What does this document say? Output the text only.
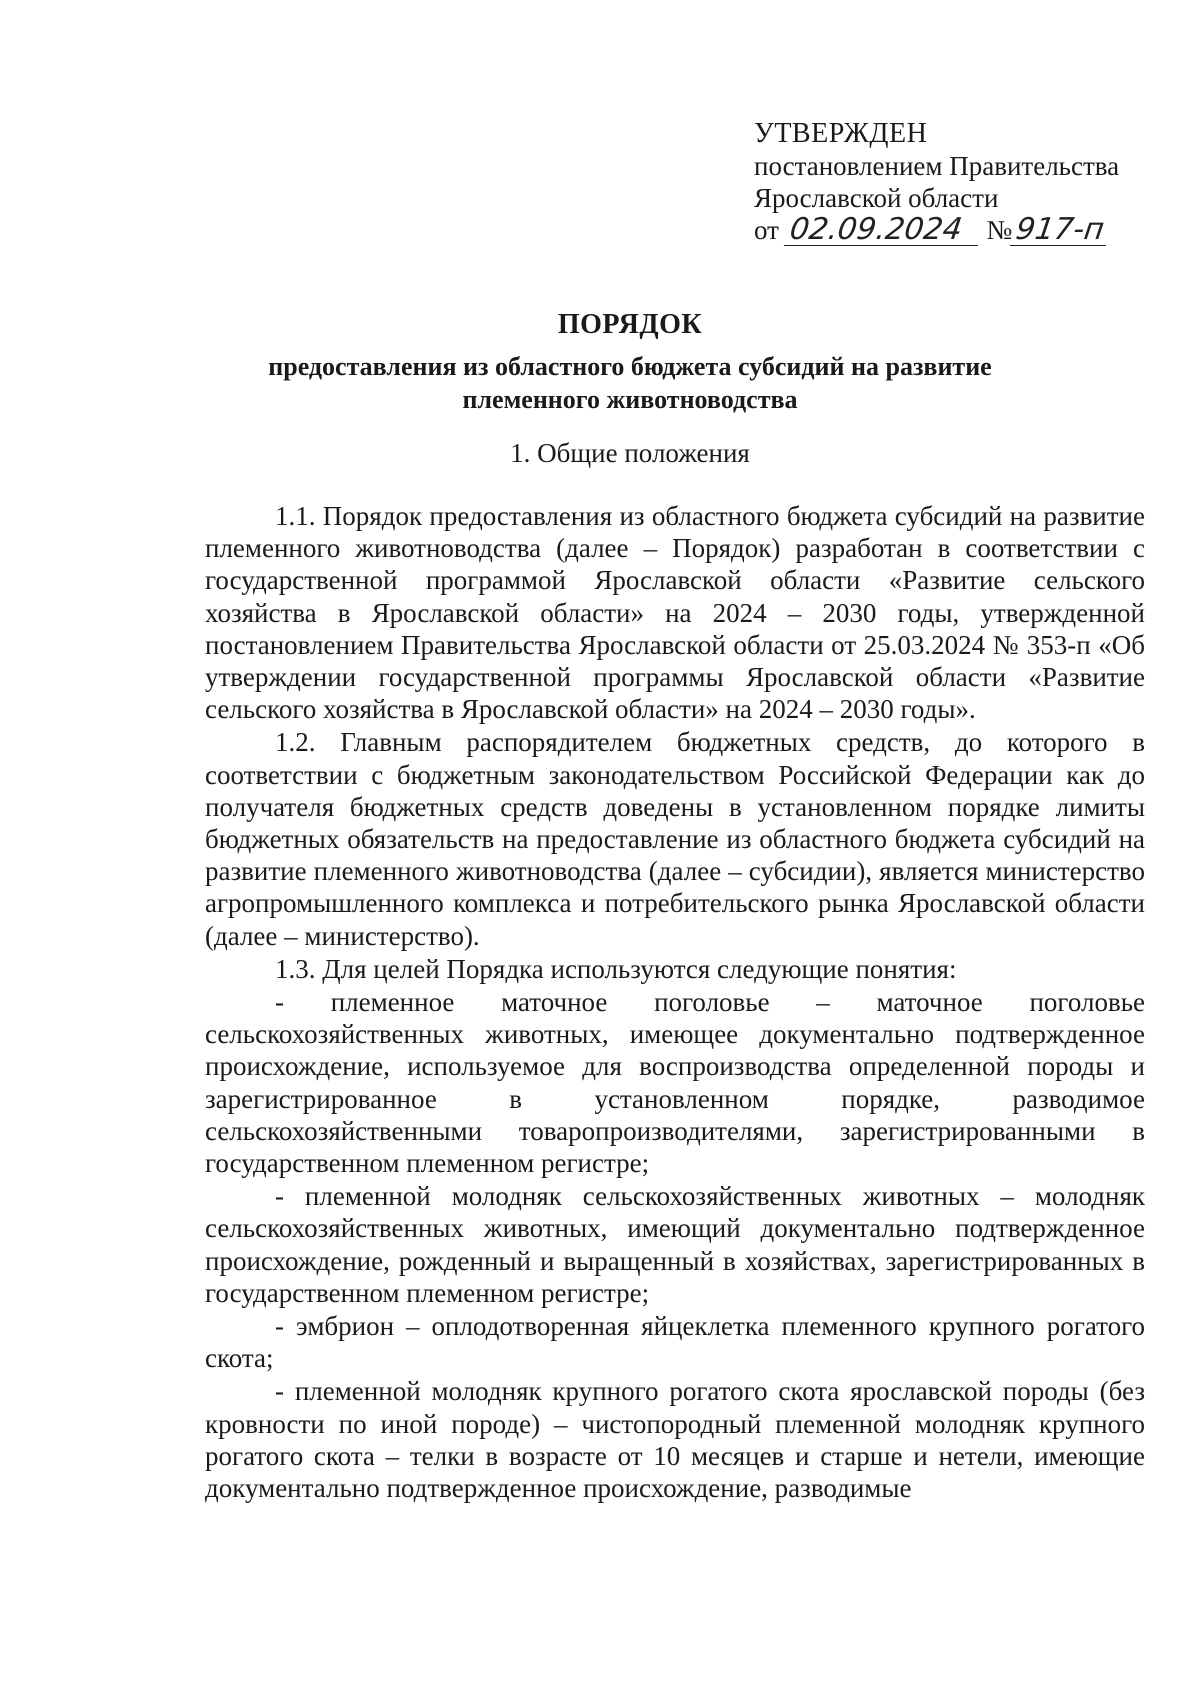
УТВЕРЖДЕН
постановлением Правительства
Ярославской области
от 02.09.2024 №917-п
ПОРЯДОК
предоставления из областного бюджета субсидий на развитие племенного животноводства
1. Общие положения

1.1. Порядок предоставления из областного бюджета субсидий на развитие племенного животноводства (далее – Порядок) разработан в соответствии с государственной программой Ярославской области «Развитие сельского хозяйства в Ярославской области» на 2024 – 2030 годы, утвержденной постановлением Правительства Ярославской области от 25.03.2024 № 353-п «Об утверждении государственной программы Ярославской области «Развитие сельского хозяйства в Ярославской области» на 2024 – 2030 годы».

1.2. Главным распорядителем бюджетных средств, до которого в соответствии с бюджетным законодательством Российской Федерации как до получателя бюджетных средств доведены в установленном порядке лимиты бюджетных обязательств на предоставление из областного бюджета субсидий на развитие племенного животноводства (далее – субсидии), является министерство агропромышленного комплекса и потребительского рынка Ярославской области (далее – министерство).

1.3. Для целей Порядка используются следующие понятия:

- племенное маточное поголовье – маточное поголовье сельскохозяйственных животных, имеющее документально подтвержденное происхождение, используемое для воспроизводства определенной породы и зарегистрированное в установленном порядке, разводимое сельскохозяйственными товаропроизводителями, зарегистрированными в государственном племенном регистре;

- племенной молодняк сельскохозяйственных животных – молодняк сельскохозяйственных животных, имеющий документально подтвержденное происхождение, рожденный и выращенный в хозяйствах, зарегистрированных в государственном племенном регистре;

- эмбрион – оплодотворенная яйцеклетка племенного крупного рогатого скота;

- племенной молодняк крупного рогатого скота ярославской породы (без кровности по иной породе) – чистопородный племенной молодняк крупного рогатого скота – телки в возрасте от 10 месяцев и старше и нетели, имеющие документально подтвержденное происхождение, разводимые
